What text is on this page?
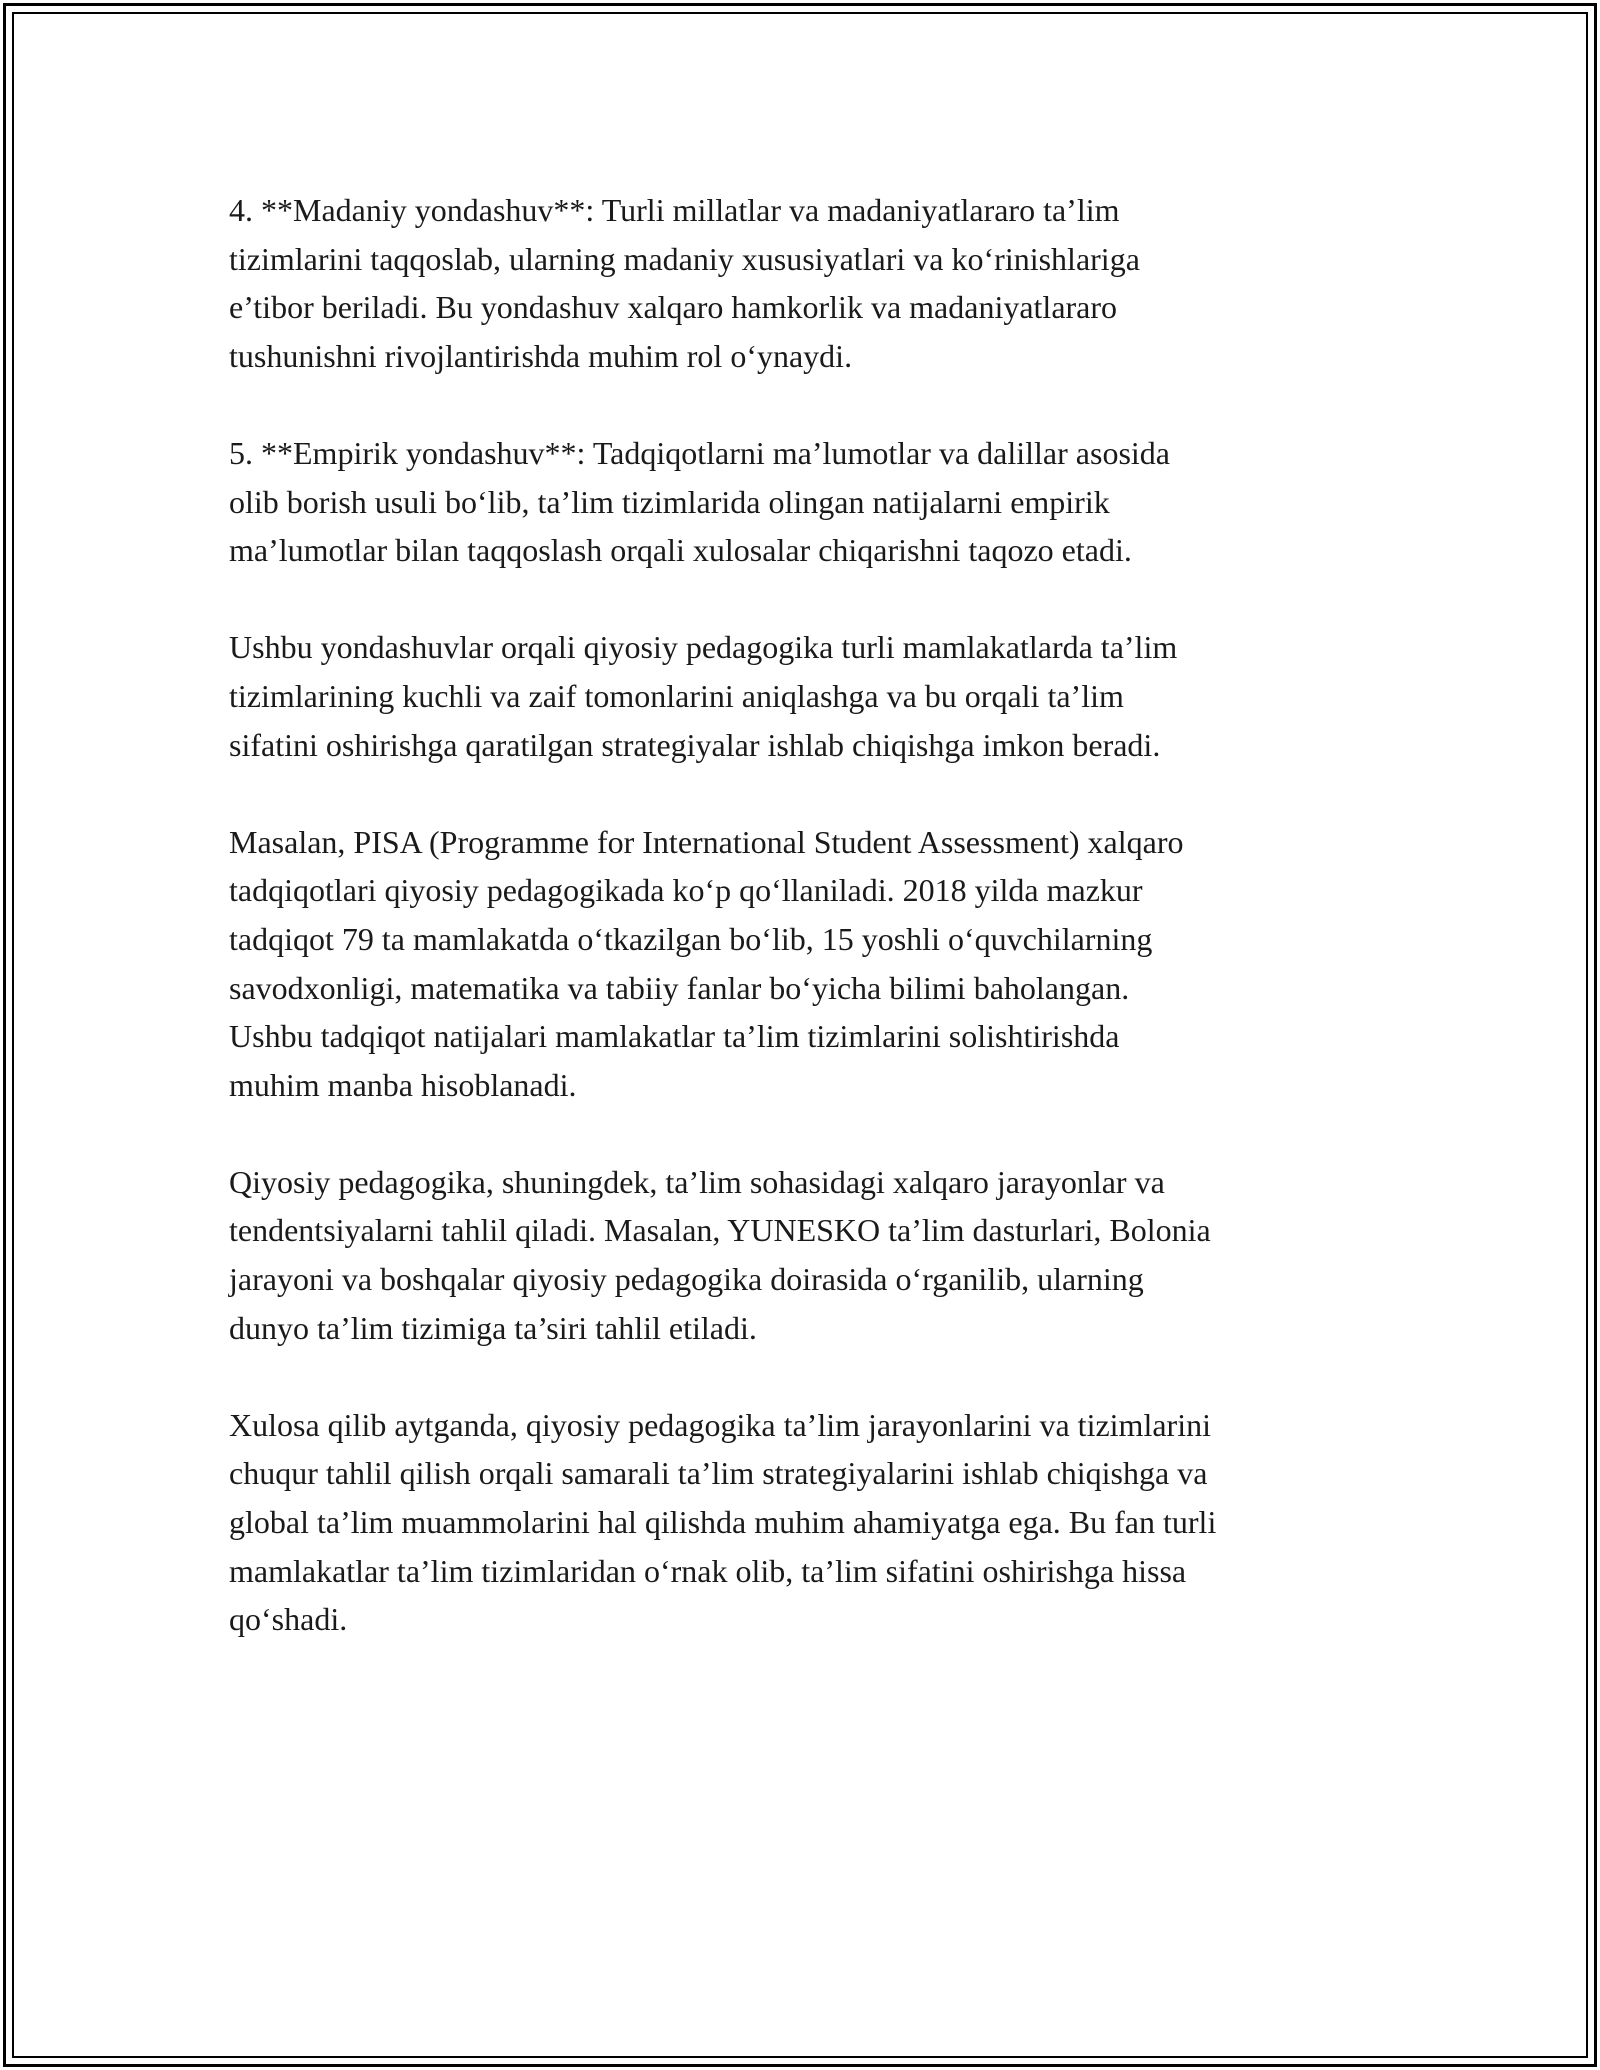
4. **Madaniy yondashuv**: Turli millatlar va madaniyatlararo ta’lim
tizimlarini taqqoslab, ularning madaniy xususiyatlari va ko‘rinishlariga
e’tibor beriladi. Bu yondashuv xalqaro hamkorlik va madaniyatlararo
tushunishni rivojlantirishda muhim rol o‘ynaydi.

5. **Empirik yondashuv**: Tadqiqotlarni ma’lumotlar va dalillar asosida
olib borish usuli bo‘lib, ta’lim tizimlarida olingan natijalarni empirik
ma’lumotlar bilan taqqoslash orqali xulosalar chiqarishni taqozo etadi.

Ushbu yondashuvlar orqali qiyosiy pedagogika turli mamlakatlarda ta’lim
tizimlarining kuchli va zaif tomonlarini aniqlashga va bu orqali ta’lim
sifatini oshirishga qaratilgan strategiyalar ishlab chiqishga imkon beradi.

Masalan, PISA (Programme for International Student Assessment) xalqaro
tadqiqotlari qiyosiy pedagogikada ko‘p qo‘llaniladi. 2018 yilda mazkur
tadqiqot 79 ta mamlakatda o‘tkazilgan bo‘lib, 15 yoshli o‘quvchilarning
savodxonligi, matematika va tabiiy fanlar bo‘yicha bilimi baholangan.
Ushbu tadqiqot natijalari mamlakatlar ta’lim tizimlarini solishtirishda
muhim manba hisoblanadi.

Qiyosiy pedagogika, shuningdek, ta’lim sohasidagi xalqaro jarayonlar va
tendentsiyalarni tahlil qiladi. Masalan, YUNESKO ta’lim dasturlari, Bolonia
jarayoni va boshqalar qiyosiy pedagogika doirasida o‘rganilib, ularning
dunyo ta’lim tizimiga ta’siri tahlil etiladi.

Xulosa qilib aytganda, qiyosiy pedagogika ta’lim jarayonlarini va tizimlarini
chuqur tahlil qilish orqali samarali ta’lim strategiyalarini ishlab chiqishga va
global ta’lim muammolarini hal qilishda muhim ahamiyatga ega. Bu fan turli
mamlakatlar ta’lim tizimlaridan o‘rnak olib, ta’lim sifatini oshirishga hissa
qo‘shadi.
